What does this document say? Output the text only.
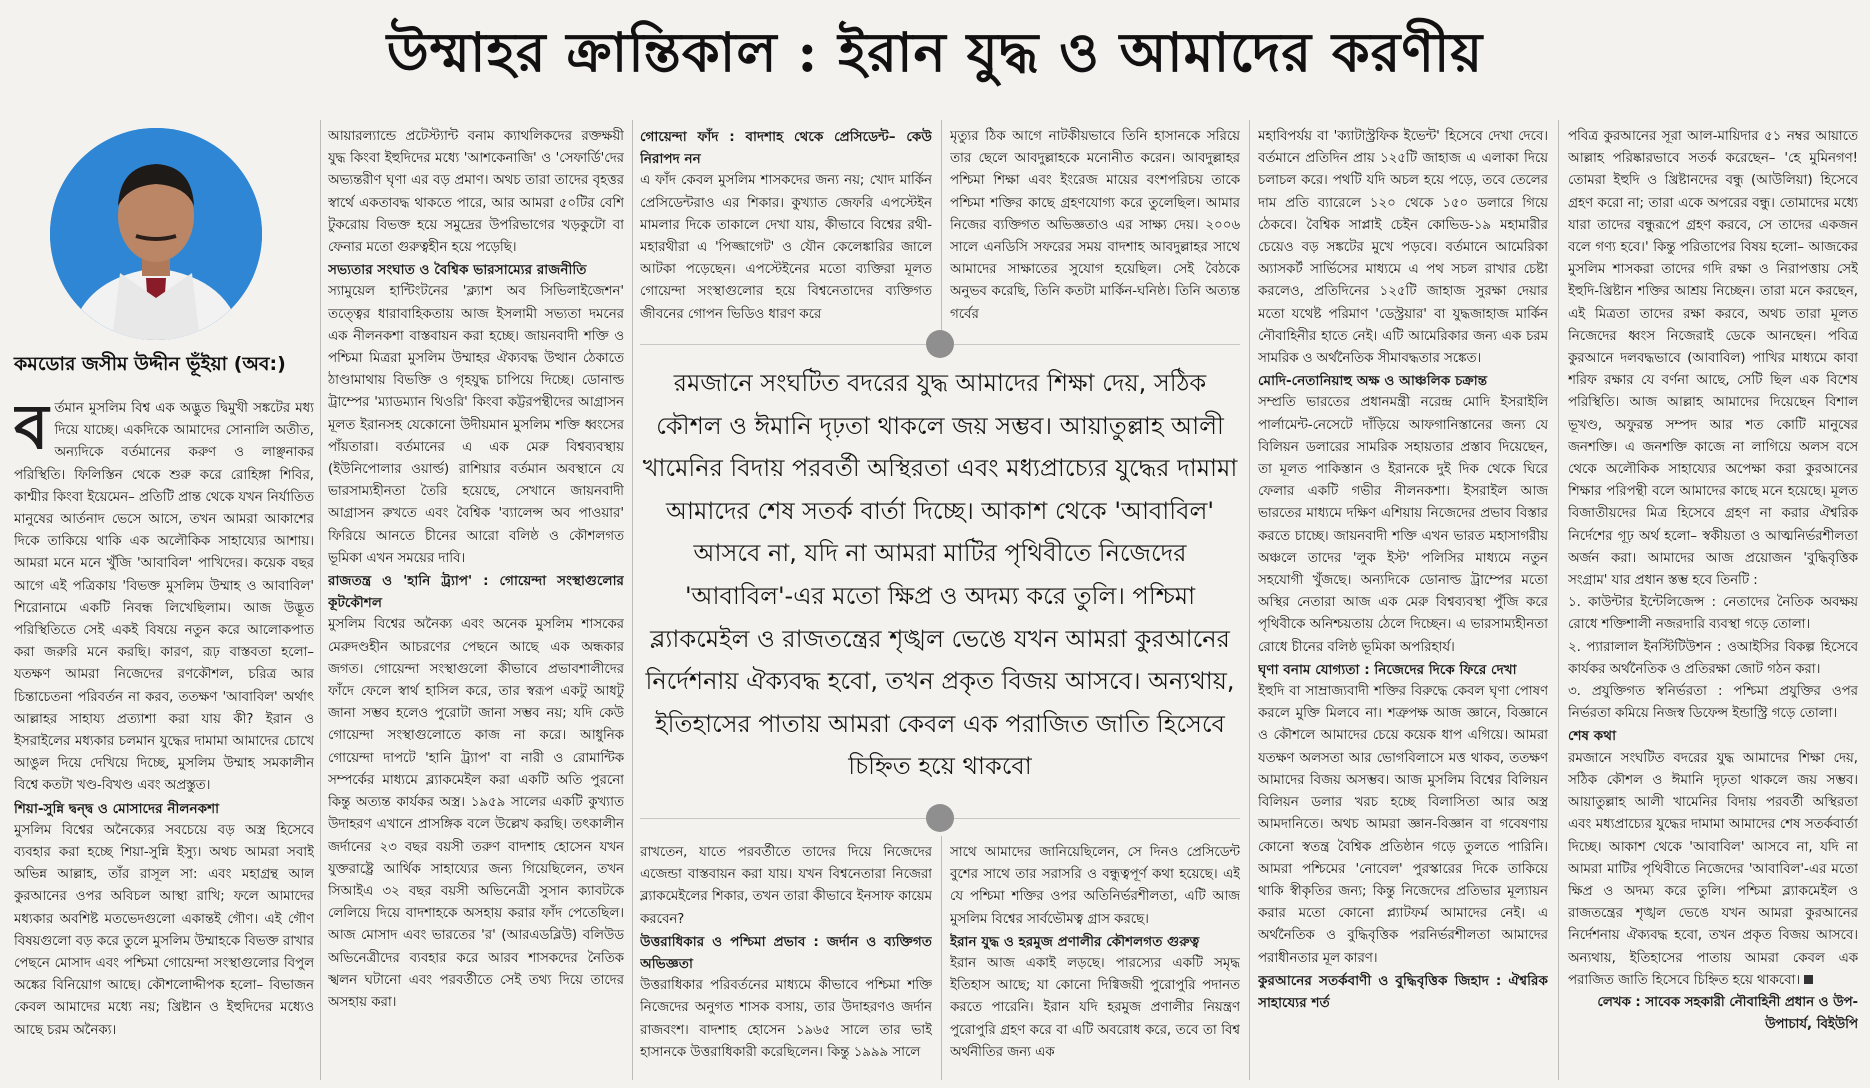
উম্মাহর ক্রান্তিকাল : ইরান যুদ্ধ ও আমাদের করণীয়
কমডোর জসীম উদ্দীন ভূঁইয়া (অব:)

বর্তমান মুসলিম বিশ্ব এক অদ্ভুত দ্বিমুখী সঙ্কটের মধ্য দিয়ে যাচ্ছে। একদিকে আমাদের সোনালি অতীত, অন্যদিকে বর্তমানের করুণ ও লাঞ্ছনাকর পরিস্থিতি। ফিলিস্তিন থেকে শুরু করে রোহিঙ্গা শিবির, কাশ্মীর কিংবা ইয়েমেন– প্রতিটি প্রান্ত থেকে যখন নির্যাতিত মানুষের আর্তনাদ ভেসে আসে, তখন আমরা আকাশের দিকে তাকিয়ে থাকি এক অলৌকিক সাহায্যের আশায়। আমরা মনে মনে খুঁজি 'আবাবিল' পাখিদের। কয়েক বছর আগে এই পত্রিকায় 'বিভক্ত মুসলিম উম্মাহ ও আবাবিল' শিরোনামে একটি নিবন্ধ লিখেছিলাম। আজ উদ্ভূত পরিস্থিতিতে সেই একই বিষয়ে নতুন করে আলোকপাত করা জরুরি মনে করছি। কারণ, রূঢ় বাস্তবতা হলো– যতক্ষণ আমরা নিজেদের রণকৌশল, চরিত্র আর চিন্তাচেতনা পরিবর্তন না করব, ততক্ষণ 'আবাবিল' অর্থাৎ আল্লাহর সাহায্য প্রত্যাশা করা যায় কী? ইরান ও ইসরাইলের মধ্যকার চলমান যুদ্ধের দামামা আমাদের চোখে আঙুল দিয়ে দেখিয়ে দিচ্ছে, মুসলিম উম্মাহ সমকালীন বিশ্বে কতটা খণ্ড-বিখণ্ড এবং অপ্রস্তুত।

শিয়া-সুন্নি দ্বন্দ্ব ও মোসাদের নীলনকশা

মুসলিম বিশ্বের অনৈক্যের সবচেয়ে বড় অস্ত্র হিসেবে ব্যবহার করা হচ্ছে শিয়া-সুন্নি ইস্যু। অথচ আমরা সবাই অভিন্ন আল্লাহ, তাঁর রাসূল সা: এবং মহাগ্রন্থ আল কুরআনের ওপর অবিচল আস্থা রাখি; ফলে আমাদের মধ্যকার অবশিষ্ট মতভেদগুলো একান্তই গৌণ। এই গৌণ বিষয়গুলো বড় করে তুলে মুসলিম উম্মাহকে বিভক্ত রাখার পেছনে মোসাদ এবং পশ্চিমা গোয়েন্দা সংস্থাগুলোর বিপুল অঙ্কের বিনিয়োগ আছে। কৌশলোদ্দীপক হলো– বিভাজন কেবল আমাদের মধ্যে নয়; খ্রিষ্টান ও ইহুদিদের মধ্যেও আছে চরম অনৈক্য।

আয়ারল্যান্ডে প্রটেস্ট্যান্ট বনাম ক্যাথলিকদের রক্তক্ষয়ী যুদ্ধ কিংবা ইহুদিদের মধ্যে 'আশকেনাজি' ও 'সেফার্ডি'দের অভ্যন্তরীণ ঘৃণা এর বড় প্রমাণ। অথচ তারা তাদের বৃহত্তর স্বার্থে একতাবদ্ধ থাকতে পারে, আর আমরা ৫০টির বেশি টুকরোয় বিভক্ত হয়ে সমুদ্রের উপরিভাগের খড়কুটো বা ফেনার মতো গুরুত্বহীন হয়ে পড়েছি।

সভ্যতার সংঘাত ও বৈশ্বিক ভারসাম্যের রাজনীতি

স্যামুয়েল হান্টিংটনের 'ক্ল্যাশ অব সিভিলাইজেশন' তত্ত্বের ধারাবাহিকতায় আজ ইসলামী সভ্যতা দমনের এক নীলনকশা বাস্তবায়ন করা হচ্ছে। জায়নবাদী শক্তি ও পশ্চিমা মিত্ররা মুসলিম উম্মাহর ঐক্যবদ্ধ উত্থান ঠেকাতে ঠাণ্ডামাথায় বিভক্তি ও গৃহযুদ্ধ চাপিয়ে দিচ্ছে। ডোনাল্ড ট্রাম্পের 'ম্যাডম্যান থিওরি' কিংবা কট্টরপন্থীদের আগ্রাসন মূলত ইরানসহ যেকোনো উদীয়মান মুসলিম শক্তি ধ্বংসের পাঁয়তারা। বর্তমানের এ এক মেরু বিশ্বব্যবস্থায় (ইউনিপোলার ওয়ার্ল্ড) রাশিয়ার বর্তমান অবস্থানে যে ভারসাম্যহীনতা তৈরি হয়েছে, সেখানে জায়নবাদী আগ্রাসন রুখতে এবং বৈশ্বিক 'ব্যালেন্স অব পাওয়ার' ফিরিয়ে আনতে চীনের আরো বলিষ্ঠ ও কৌশলগত ভূমিকা এখন সময়ের দাবি।

রাজতন্ত্র ও 'হানি ট্র্যাপ' : গোয়েন্দা সংস্থাগুলোর কূটকৌশল

মুসলিম বিশ্বের অনৈক্য এবং অনেক মুসলিম শাসকের মেরুদণ্ডহীন আচরণের পেছনে আছে এক অন্ধকার জগত। গোয়েন্দা সংস্থাগুলো কীভাবে প্রভাবশালীদের ফাঁদে ফেলে স্বার্থ হাসিল করে, তার স্বরূপ একটু আধটু জানা সম্ভব হলেও পুরোটা জানা সম্ভব নয়; যদি কেউ গোয়েন্দা সংস্থাগুলোতে কাজ না করে। আধুনিক গোয়েন্দা দাপটে 'হানি ট্র্যাপ' বা নারী ও রোমান্টিক সম্পর্কের মাধ্যমে ব্ল্যাকমেইল করা একটি অতি পুরনো কিন্তু অত্যন্ত কার্যকর অস্ত্র। ১৯৫৯ সালের একটি কুখ্যাত উদাহরণ এখানে প্রাসঙ্গিক বলে উল্লেখ করছি। তৎকালীন জর্দানের ২৩ বছর বয়সী তরুণ বাদশাহ হোসেন যখন যুক্তরাষ্ট্রে আর্থিক সাহায্যের জন্য গিয়েছিলেন, তখন সিআইএ ৩২ বছর বয়সী অভিনেত্রী সুসান ক্যাবটকে লেলিয়ে দিয়ে বাদশাহকে অসহায় করার ফাঁদ পেতেছিল। আজ মোসাদ এবং ভারতের 'র' (আরএডব্লিউ) বলিউড অভিনেত্রীদের ব্যবহার করে আরব শাসকদের নৈতিক স্খলন ঘটানো এবং পরবর্তীতে সেই তথ্য দিয়ে তাদের অসহায় করা।

গোয়েন্দা ফাঁদ : বাদশাহ থেকে প্রেসিডেন্ট– কেউ নিরাপদ নন

এ ফাঁদ কেবল মুসলিম শাসকদের জন্য নয়; খোদ মার্কিন প্রেসিডেন্টরাও এর শিকার। কুখ্যাত জেফরি এপস্টেইন মামলার দিকে তাকালে দেখা যায়, কীভাবে বিশ্বের রথী-মহারথীরা এ 'পিজ্জাগেট' ও যৌন কেলেঙ্কারির জালে আটকা পড়েছেন। এপস্টেইনের মতো ব্যক্তিরা মূলত গোয়েন্দা সংস্থাগুলোর হয়ে বিশ্বনেতাদের ব্যক্তিগত জীবনের গোপন ভিডিও ধারণ করে

মৃত্যুর ঠিক আগে নাটকীয়ভাবে তিনি হাসানকে সরিয়ে তার ছেলে আবদুল্লাহকে মনোনীত করেন। আবদুল্লাহর পশ্চিমা শিক্ষা এবং ইংরেজ মায়ের বংশপরিচয় তাকে পশ্চিমা শক্তির কাছে গ্রহণযোগ্য করে তুলেছিল। আমার নিজের ব্যক্তিগত অভিজ্ঞতাও এর সাক্ষ্য দেয়। ২০০৬ সালে এনডিসি সফরের সময় বাদশাহ আবদুল্লাহর সাথে আমাদের সাক্ষাতের সুযোগ হয়েছিল। সেই বৈঠকে অনুভব করেছি, তিনি কতটা মার্কিন-ঘনিষ্ঠ। তিনি অত্যন্ত গর্বের

রমজানে সংঘটিত বদরের যুদ্ধ আমাদের শিক্ষা দেয়, সঠিক কৌশল ও ঈমানি দৃঢ়তা থাকলে জয় সম্ভব। আয়াতুল্লাহ আলী খামেনির বিদায় পরবর্তী অস্থিরতা এবং মধ্যপ্রাচ্যের যুদ্ধের দামামা আমাদের শেষ সতর্ক বার্তা দিচ্ছে। আকাশ থেকে 'আবাবিল' আসবে না, যদি না আমরা মাটির পৃথিবীতে নিজেদের 'আবাবিল'-এর মতো ক্ষিপ্র ও অদম্য করে তুলি। পশ্চিমা ব্ল্যাকমেইল ও রাজতন্ত্রের শৃঙ্খল ভেঙে যখন আমরা কুরআনের নির্দেশনায় ঐক্যবদ্ধ হবো, তখন প্রকৃত বিজয় আসবে। অন্যথায়, ইতিহাসের পাতায় আমরা কেবল এক পরাজিত জাতি হিসেবে চিহ্নিত হয়ে থাকবো

রাখতেন, যাতে পরবর্তীতে তাদের দিয়ে নিজেদের এজেন্ডা বাস্তবায়ন করা যায়। যখন বিশ্বনেতারা নিজেরা ব্ল্যাকমেইলের শিকার, তখন তারা কীভাবে ইনসাফ কায়েম করবেন?

উত্তরাধিকার ও পশ্চিমা প্রভাব : জর্দান ও ব্যক্তিগত অভিজ্ঞতা

উত্তরাধিকার পরিবর্তনের মাধ্যমে কীভাবে পশ্চিমা শক্তি নিজেদের অনুগত শাসক বসায়, তার উদাহরণও জর্দান রাজবংশ। বাদশাহ হোসেন ১৯৬৫ সালে তার ভাই হাসানকে উত্তরাধিকারী করেছিলেন। কিন্তু ১৯৯৯ সালে

সাথে আমাদের জানিয়েছিলেন, সে দিনও প্রেসিডেন্ট বুশের সাথে তার সরাসরি ও বন্ধুত্বপূর্ণ কথা হয়েছে। এই যে পশ্চিমা শক্তির ওপর অতিনির্ভরশীলতা, এটি আজ মুসলিম বিশ্বের সার্বভৌমত্ব গ্রাস করছে।

ইরান যুদ্ধ ও হরমুজ প্রণালীর কৌশলগত গুরুত্ব

ইরান আজ একাই লড়ছে। পারস্যের একটি সমৃদ্ধ ইতিহাস আছে; যা কোনো দিগ্বিজয়ী পুরোপুরি পদানত করতে পারেনি। ইরান যদি হরমুজ প্রণালীর নিয়ন্ত্রণ পুরোপুরি গ্রহণ করে বা এটি অবরোধ করে, তবে তা বিশ্ব অর্থনীতির জন্য এক

মহাবিপর্যয় বা 'ক্যাটাস্ট্রফিক ইভেন্ট' হিসেবে দেখা দেবে। বর্তমানে প্রতিদিন প্রায় ১২৫টি জাহাজ এ এলাকা দিয়ে চলাচল করে। পথটি যদি অচল হয়ে পড়ে, তবে তেলের দাম প্রতি ব্যারেলে ১২০ থেকে ১৫০ ডলারে গিয়ে ঠেকবে। বৈশ্বিক সাপ্লাই চেইন কোভিড-১৯ মহামারীর চেয়েও বড় সঙ্কটের মুখে পড়বে। বর্তমানে আমেরিকা অ্যাসকর্ট সার্ভিসের মাধ্যমে এ পথ সচল রাখার চেষ্টা করলেও, প্রতিদিনের ১২৫টি জাহাজ সুরক্ষা দেয়ার মতো যথেষ্ট পরিমাণ 'ডেস্ট্রয়ার' বা যুদ্ধজাহাজ মার্কিন নৌবাহিনীর হাতে নেই। এটি আমেরিকার জন্য এক চরম সামরিক ও অর্থনৈতিক সীমাবদ্ধতার সঙ্কেত।

মোদি-নেতানিয়াহু অক্ষ ও আঞ্চলিক চক্রান্ত

সম্প্রতি ভারতের প্রধানমন্ত্রী নরেন্দ্র মোদি ইসরাইলি পার্লামেন্ট-নেসেটে দাঁড়িয়ে আফগানিস্তানের জন্য যে বিলিয়ন ডলারের সামরিক সহায়তার প্রস্তাব দিয়েছেন, তা মূলত পাকিস্তান ও ইরানকে দুই দিক থেকে ঘিরে ফেলার একটি গভীর নীলনকশা। ইসরাইল আজ ভারতের মাধ্যমে দক্ষিণ এশিয়ায় নিজেদের প্রভাব বিস্তার করতে চাচ্ছে। জায়নবাদী শক্তি এখন ভারত মহাসাগরীয় অঞ্চলে তাদের 'লুক ইস্ট' পলিসির মাধ্যমে নতুন সহযোগী খুঁজছে। অন্যদিকে ডোনাল্ড ট্রাম্পের মতো অস্থির নেতারা আজ এক মেরু বিশ্বব্যবস্থা পুঁজি করে পৃথিবীকে অনিশ্চয়তায় ঠেলে দিচ্ছেন। এ ভারসাম্যহীনতা রোধে চীনের বলিষ্ঠ ভূমিকা অপরিহার্য।

ঘৃণা বনাম যোগ্যতা : নিজেদের দিকে ফিরে দেখা

ইহুদি বা সাম্রাজ্যবাদী শক্তির বিরুদ্ধে কেবল ঘৃণা পোষণ করলে মুক্তি মিলবে না। শত্রুপক্ষ আজ জ্ঞানে, বিজ্ঞানে ও কৌশলে আমাদের চেয়ে কয়েক ধাপ এগিয়ে। আমরা যতক্ষণ অলসতা আর ভোগবিলাসে মত্ত থাকব, ততক্ষণ আমাদের বিজয় অসম্ভব। আজ মুসলিম বিশ্বের বিলিয়ন বিলিয়ন ডলার খরচ হচ্ছে বিলাসিতা আর অস্ত্র আমদানিতে। অথচ আমরা জ্ঞান-বিজ্ঞান বা গবেষণায় কোনো স্বতন্ত্র বৈশ্বিক প্রতিষ্ঠান গড়ে তুলতে পারিনি। আমরা পশ্চিমের 'নোবেল' পুরস্কারের দিকে তাকিয়ে থাকি স্বীকৃতির জন্য; কিন্তু নিজেদের প্রতিভার মূল্যায়ন করার মতো কোনো প্ল্যাটফর্ম আমাদের নেই। এ অর্থনৈতিক ও বুদ্ধিবৃত্তিক পরনির্ভরশীলতা আমাদের পরাধীনতার মূল কারণ।

কুরআনের সতর্কবাণী ও বুদ্ধিবৃত্তিক জিহাদ : ঐশ্বরিক সাহায্যের শর্ত

পবিত্র কুরআনের সূরা আল-মায়িদার ৫১ নম্বর আয়াতে আল্লাহ পরিষ্কারভাবে সতর্ক করেছেন– 'হে মুমিনগণ! তোমরা ইহুদি ও খ্রিষ্টানদের বন্ধু (আউলিয়া) হিসেবে গ্রহণ করো না; তারা একে অপরের বন্ধু। তোমাদের মধ্যে যারা তাদের বন্ধুরূপে গ্রহণ করবে, সে তাদের একজন বলে গণ্য হবে।' কিন্তু পরিতাপের বিষয় হলো– আজকের মুসলিম শাসকরা তাদের গদি রক্ষা ও নিরাপত্তায় সেই ইহুদি-খ্রিষ্টান শক্তির আশ্রয় নিচ্ছেন। তারা মনে করছেন, এই মিত্রতা তাদের রক্ষা করবে, অথচ তারা মূলত নিজেদের ধ্বংস নিজেরাই ডেকে আনছেন। পবিত্র কুরআনে দলবদ্ধভাবে (আবাবিল) পাখির মাধ্যমে কাবা শরিফ রক্ষার যে বর্ণনা আছে, সেটি ছিল এক বিশেষ পরিস্থিতি। আজ আল্লাহ আমাদের দিয়েছেন বিশাল ভূখণ্ড, অফুরন্ত সম্পদ আর শত কোটি মানুষের জনশক্তি। এ জনশক্তি কাজে না লাগিয়ে অলস বসে থেকে অলৌকিক সাহায্যের অপেক্ষা করা কুরআনের শিক্ষার পরিপন্থী বলে আমাদের কাছে মনে হয়েছে। মূলত বিজাতীয়দের মিত্র হিসেবে গ্রহণ না করার ঐশ্বরিক নির্দেশের গূঢ় অর্থ হলো– স্বকীয়তা ও আত্মনির্ভরশীলতা অর্জন করা। আমাদের আজ প্রয়োজন 'বুদ্ধিবৃত্তিক সংগ্রাম' যার প্রধান স্তম্ভ হবে তিনটি :

১. কাউন্টার ইন্টেলিজেন্স : নেতাদের নৈতিক অবক্ষয় রোধে শক্তিশালী নজরদারি ব্যবস্থা গড়ে তোলা।

২. প্যারালাল ইনস্টিটিউশন : ওআইসির বিকল্প হিসেবে কার্যকর অর্থনৈতিক ও প্রতিরক্ষা জোট গঠন করা।

৩. প্রযুক্তিগত স্বনির্ভরতা : পশ্চিমা প্রযুক্তির ওপর নির্ভরতা কমিয়ে নিজস্ব ডিফেন্স ইন্ডাস্ট্রি গড়ে তোলা।

শেষ কথা

রমজানে সংঘটিত বদরের যুদ্ধ আমাদের শিক্ষা দেয়, সঠিক কৌশল ও ঈমানি দৃঢ়তা থাকলে জয় সম্ভব। আয়াতুল্লাহ আলী খামেনির বিদায় পরবর্তী অস্থিরতা এবং মধ্যপ্রাচ্যের যুদ্ধের দামামা আমাদের শেষ সতর্কবার্তা দিচ্ছে। আকাশ থেকে 'আবাবিল' আসবে না, যদি না আমরা মাটির পৃথিবীতে নিজেদের 'আবাবিল'-এর মতো ক্ষিপ্র ও অদম্য করে তুলি। পশ্চিমা ব্ল্যাকমেইল ও রাজতন্ত্রের শৃঙ্খল ভেঙে যখন আমরা কুরআনের নির্দেশনায় ঐক্যবদ্ধ হবো, তখন প্রকৃত বিজয় আসবে। অন্যথায়, ইতিহাসের পাতায় আমরা কেবল এক পরাজিত জাতি হিসেবে চিহ্নিত হয়ে থাকবো।

লেখক : সাবেক সহকারী নৌবাহিনী প্রধান ও উপ-উপাচার্য, বিইউপি
